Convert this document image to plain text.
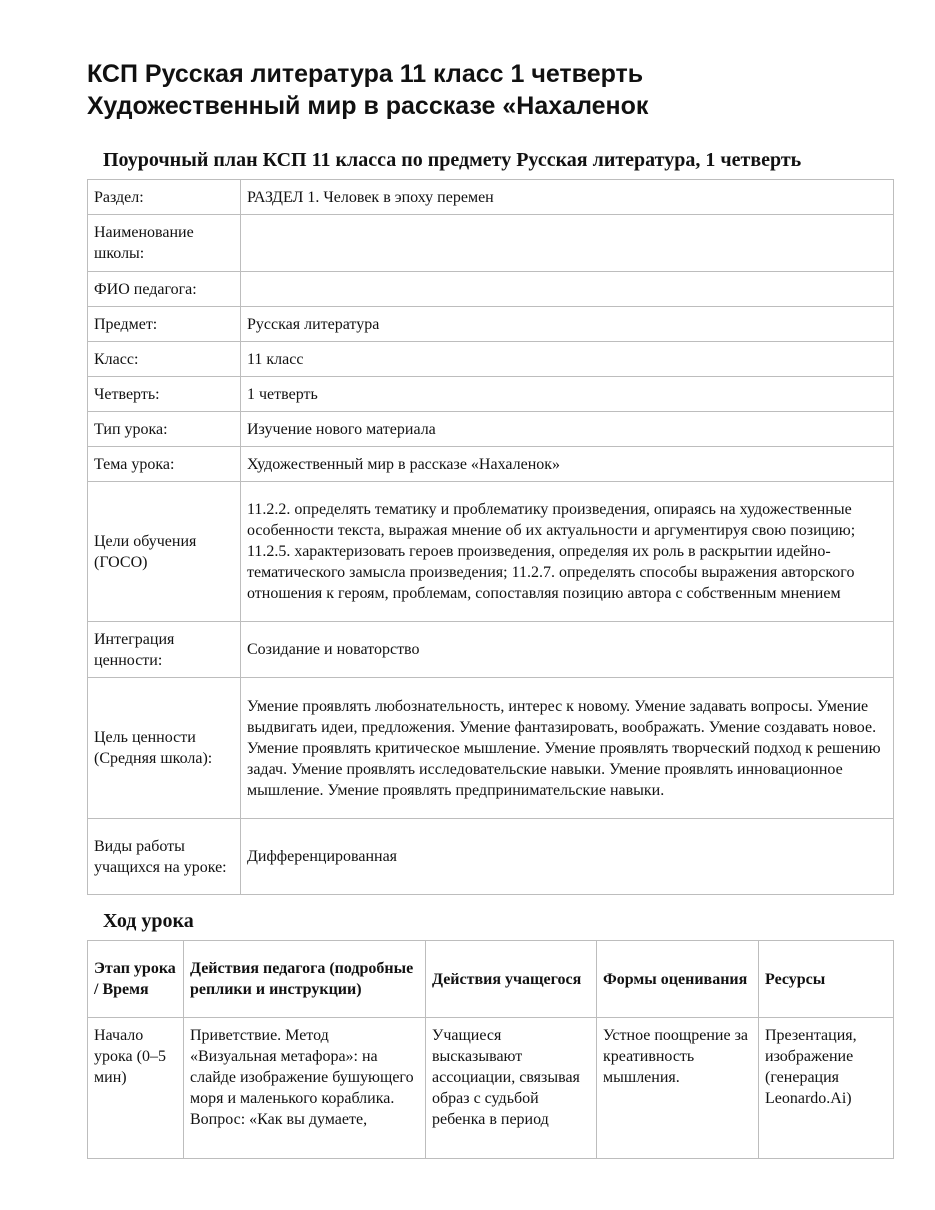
КСП Русская литература 11 класс 1 четверть
Художественный мир в рассказе «Нахаленок
Поурочный план КСП 11 класса по предмету Русская литература, 1 четверть
Раздел:	РАЗДЕЛ 1. Человек в эпоху перемен
Наименование школы:	
ФИО педагога:	
Предмет:	Русская литература
Класс:	11 класс
Четверть:	1 четверть
Тип урока:	Изучение нового материала
Тема урока:	Художественный мир в рассказе «Нахаленок»
Цели обучения (ГОСО)	11.2.2. определять тематику и проблематику произведения, опираясь на художественные особенности текста, выражая мнение об их актуальности и аргументируя свою позицию; 11.2.5. характеризовать героев произведения, определяя их роль в раскрытии идейно-тематического замысла произведения; 11.2.7. определять способы выражения авторского отношения к героям, проблемам, сопоставляя позицию автора с собственным мнением
Интеграция ценности:	Созидание и новаторство
Цель ценности (Средняя школа):	Умение проявлять любознательность, интерес к новому. Умение задавать вопросы. Умение выдвигать идеи, предложения. Умение фантазировать, воображать. Умение создавать новое. Умение проявлять критическое мышление. Умение проявлять творческий подход к решению задач. Умение проявлять исследовательские навыки. Умение проявлять инновационное мышление. Умение проявлять предпринимательские навыки.
Виды работы учащихся на уроке:	Дифференцированная
Ход урока
Этап урока / Время	Действия педагога (подробные реплики и инструкции)	Действия учащегося	Формы оценивания	Ресурсы
Начало урока (0–5 мин)	Приветствие. Метод «Визуальная метафора»: на слайде изображение бушующего моря и маленького кораблика. Вопрос: «Как вы думаете,	Учащиеся высказывают ассоциации, связывая образ с судьбой ребенка в период	Устное поощрение за креативность мышления.	Презентация, изображение (генерация Leonardo.Ai)
